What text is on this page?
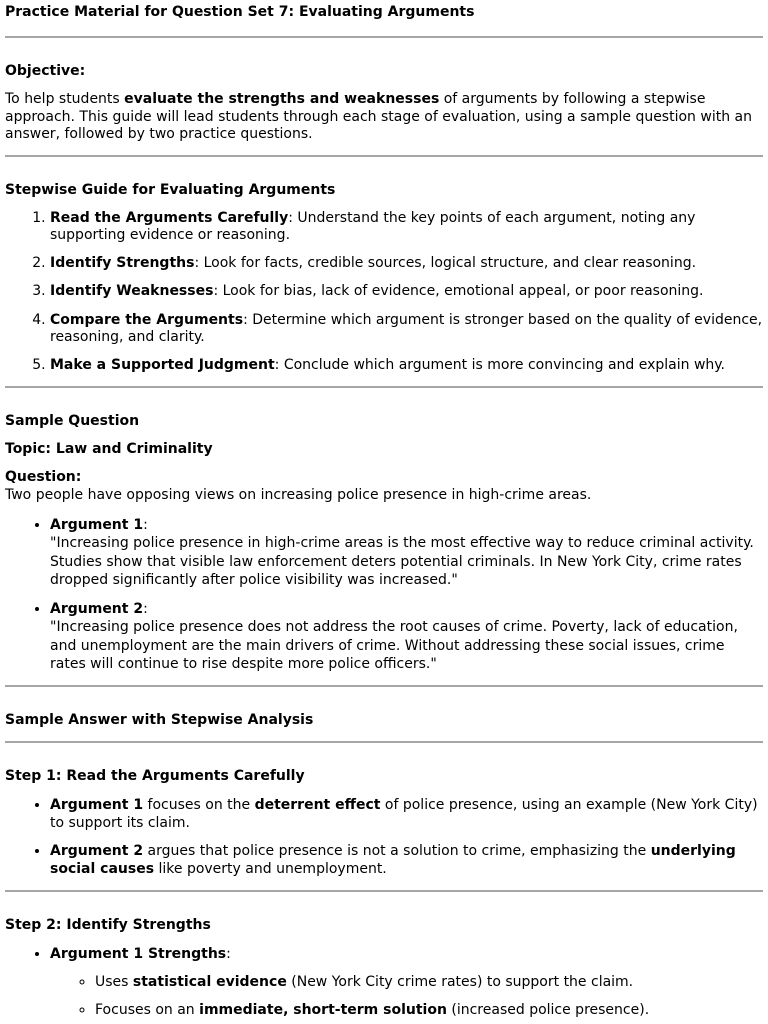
Practice Material for Question Set 7: Evaluating Arguments

Objective:

To help students evaluate the strengths and weaknesses of arguments by following a stepwise approach. This guide will lead students through each stage of evaluation, using a sample question with an answer, followed by two practice questions.

Stepwise Guide for Evaluating Arguments

1. Read the Arguments Carefully: Understand the key points of each argument, noting any supporting evidence or reasoning.
2. Identify Strengths: Look for facts, credible sources, logical structure, and clear reasoning.
3. Identify Weaknesses: Look for bias, lack of evidence, emotional appeal, or poor reasoning.
4. Compare the Arguments: Determine which argument is stronger based on the quality of evidence, reasoning, and clarity.
5. Make a Supported Judgment: Conclude which argument is more convincing and explain why.

Sample Question

Topic: Law and Criminality

Question:

Two people have opposing views on increasing police presence in high-crime areas.

• Argument 1:
"Increasing police presence in high-crime areas is the most effective way to reduce criminal activity. Studies show that visible law enforcement deters potential criminals. In New York City, crime rates dropped significantly after police visibility was increased."
• Argument 2:
"Increasing police presence does not address the root causes of crime. Poverty, lack of education, and unemployment are the main drivers of crime. Without addressing these social issues, crime rates will continue to rise despite more police officers."

Sample Answer with Stepwise Analysis

Step 1: Read the Arguments Carefully

• Argument 1 focuses on the deterrent effect of police presence, using an example (New York City) to support its claim.
• Argument 2 argues that police presence is not a solution to crime, emphasizing the underlying social causes like poverty and unemployment.

Step 2: Identify Strengths

• Argument 1 Strengths:
◦ Uses statistical evidence (New York City crime rates) to support the claim.
◦ Focuses on an immediate, short-term solution (increased police presence).
